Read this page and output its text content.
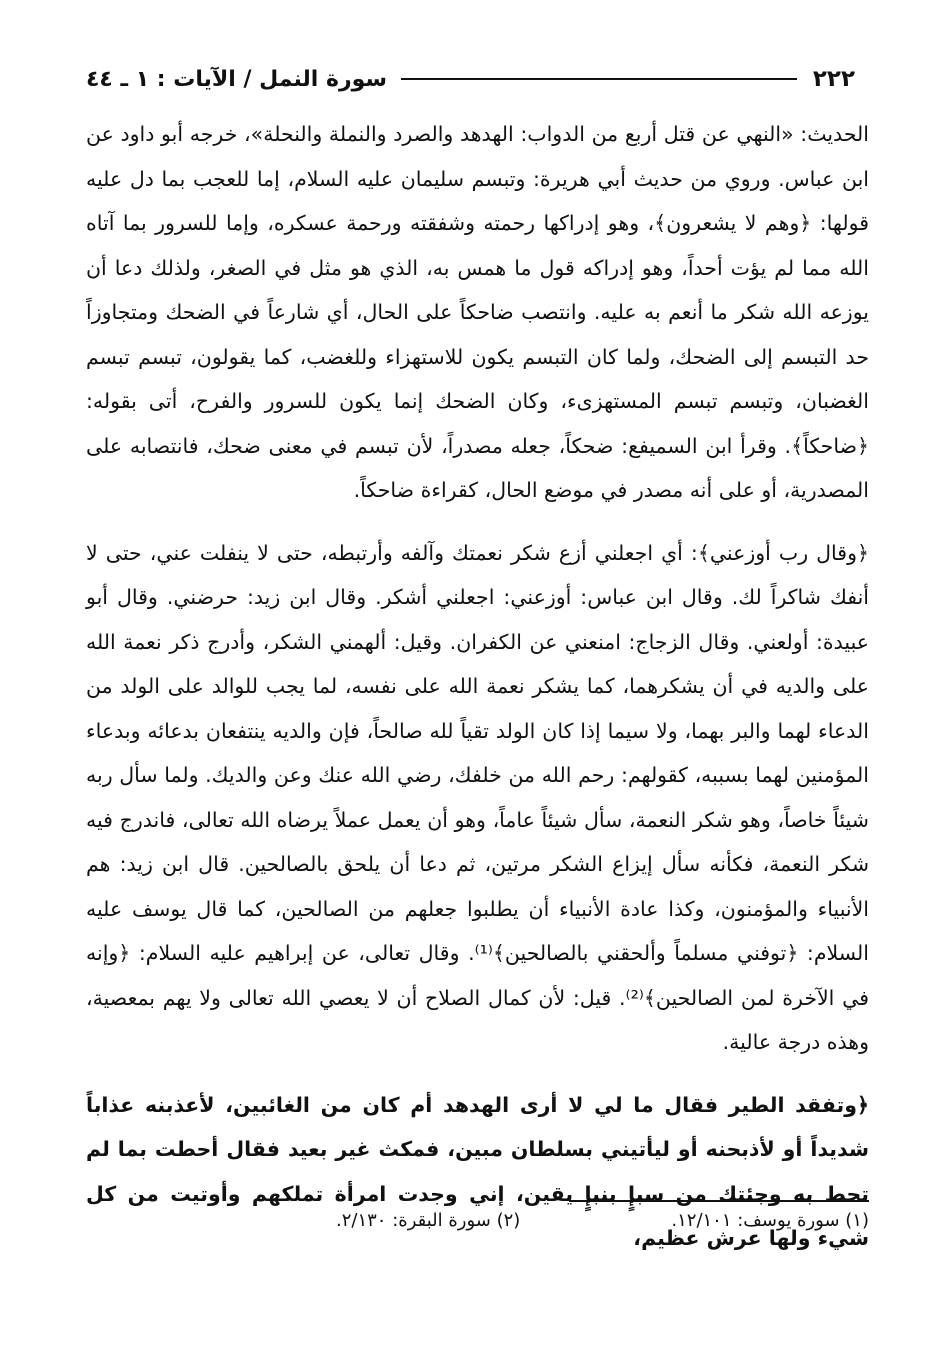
٢٢٢
سورة النمل / الآيات : ١ ـ ٤٤

الحديث: «النهي عن قتل أربع من الدواب: الهدهد والصرد والنملة والنحلة»، خرجه أبو داود عن ابن عباس. وروي من حديث أبي هريرة: وتبسم سليمان عليه السلام، إما للعجب بما دل عليه قولها: ﴿وهم لا يشعرون﴾، وهو إدراكها رحمته وشفقته ورحمة عسكره، وإما للسرور بما آتاه الله مما لم يؤت أحداً، وهو إدراكه قول ما همس به، الذي هو مثل في الصغر، ولذلك دعا أن يوزعه الله شكر ما أنعم به عليه. وانتصب ضاحكاً على الحال، أي شارعاً في الضحك ومتجاوزاً حد التبسم إلى الضحك، ولما كان التبسم يكون للاستهزاء وللغضب، كما يقولون، تبسم تبسم الغضبان، وتبسم تبسم المستهزىء، وكان الضحك إنما يكون للسرور والفرح، أتى بقوله: ﴿ضاحكاً﴾. وقرأ ابن السميفع: ضحكاً، جعله مصدراً، لأن تبسم في معنى ضحك، فانتصابه على المصدرية، أو على أنه مصدر في موضع الحال، كقراءة ضاحكاً.

﴿وقال رب أوزعني﴾: أي اجعلني أزع شكر نعمتك وآلفه وأرتبطه، حتى لا ينفلت عني، حتى لا أنفك شاكراً لك. وقال ابن عباس: أوزعني: اجعلني أشكر. وقال ابن زيد: حرضني. وقال أبو عبيدة: أولعني. وقال الزجاج: امنعني عن الكفران. وقيل: ألهمني الشكر، وأدرج ذكر نعمة الله على والديه في أن يشكرهما، كما يشكر نعمة الله على نفسه، لما يجب للوالد على الولد من الدعاء لهما والبر بهما، ولا سيما إذا كان الولد تقياً لله صالحاً، فإن والديه ينتفعان بدعائه وبدعاء المؤمنين لهما بسببه، كقولهم: رحم الله من خلفك، رضي الله عنك وعن والديك. ولما سأل ربه شيئاً خاصاً، وهو شكر النعمة، سأل شيئاً عاماً، وهو أن يعمل عملاً يرضاه الله تعالى، فاندرج فيه شكر النعمة، فكأنه سأل إيزاع الشكر مرتين، ثم دعا أن يلحق بالصالحين. قال ابن زيد: هم الأنبياء والمؤمنون، وكذا عادة الأنبياء أن يطلبوا جعلهم من الصالحين، كما قال يوسف عليه السلام: ﴿توفني مسلماً وألحقني بالصالحين﴾⁽¹⁾. وقال تعالى، عن إبراهيم عليه السلام: ﴿وإنه في الآخرة لمن الصالحين﴾⁽²⁾. قيل: لأن كمال الصلاح أن لا يعصي الله تعالى ولا يهم بمعصية، وهذه درجة عالية.

﴿وتفقد الطير فقال ما لي لا أرى الهدهد أم كان من الغائبين، لأعذبنه عذاباً شديداً أو لأذبحنه أو ليأتيني بسلطان مبين، فمكث غير بعيد فقال أحطت بما لم تحط به وجئتك من سبإٍ بنبإٍ يقين، إني وجدت امرأة تملكهم وأوتيت من كل شيء ولها عرش عظيم،

(١) سورة يوسف: ١٢/١٠١.
(٢) سورة البقرة: ٢/١٣٠.
